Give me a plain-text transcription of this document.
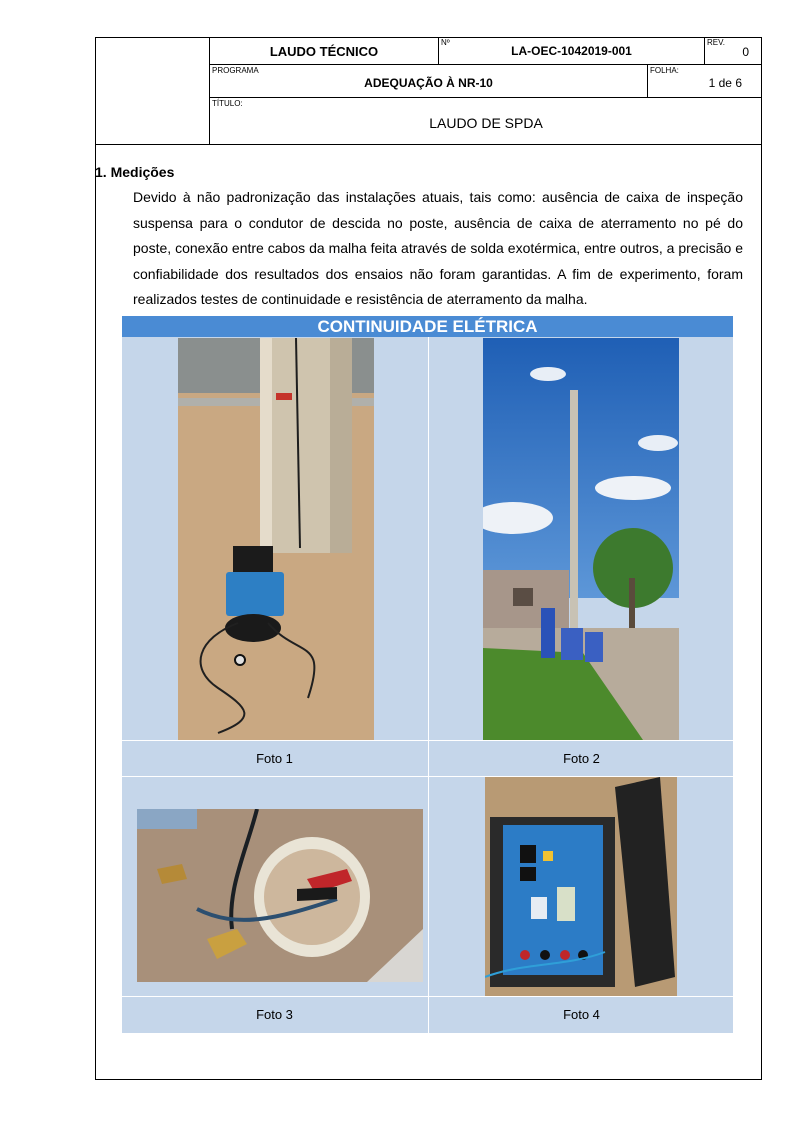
LAUDO TÉCNICO
Nº
LA-OEC-1042019-001
REV.
0
PROGRAMA
ADEQUAÇÃO À NR-10
FOLHA:
1 de 6
TÍTULO:
LAUDO DE SPDA
1. Medições
Devido à não padronização das instalações atuais, tais como: ausência de caixa de inspeção suspensa para o condutor de descida no poste, ausência de caixa de aterramento no pé do poste, conexão entre cabos da malha feita através de solda exotérmica, entre outros, a precisão e confiabilidade dos resultados dos ensaios não foram garantidas. A fim de experimento, foram realizados testes de continuidade e resistência de aterramento da malha.
CONTINUIDADE ELÉTRICA
Foto 1	Foto 2
Foto 3	Foto 4
